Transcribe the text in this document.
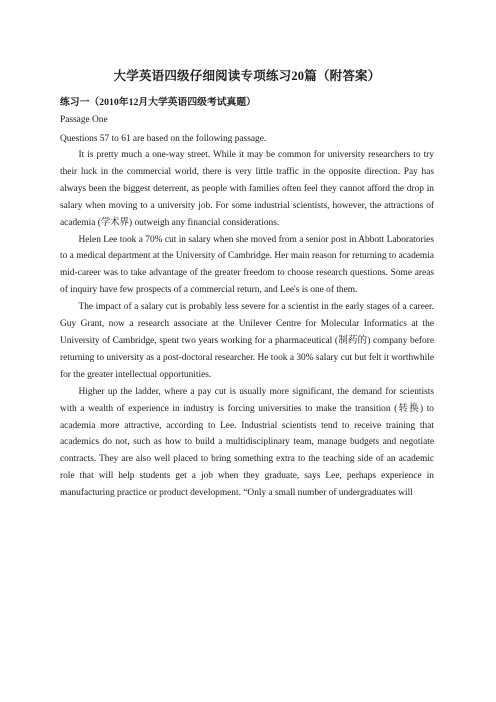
大学英语四级仔细阅读专项练习20篇（附答案）
练习一（2010年12月大学英语四级考试真题）
Passage One
Questions 57 to 61 are based on the following passage.

It is pretty much a one-way street. While it may be common for university researchers to try their luck in the commercial world, there is very little traffic in the opposite direction. Pay has always been the biggest deterrent, as people with families often feel they cannot afford the drop in salary when moving to a university job. For some industrial scientists, however, the attractions of academia (学术界) outweigh any financial considerations.

Helen Lee took a 70% cut in salary when she moved from a senior post in Abbott Laboratories to a medical department at the University of Cambridge. Her main reason for returning to academia mid-career was to take advantage of the greater freedom to choose research questions. Some areas of inquiry have few prospects of a commercial return, and Lee's is one of them.

The impact of a salary cut is probably less severe for a scientist in the early stages of a career. Guy Grant, now a research associate at the Unilever Centre for Molecular Informatics at the University of Cambridge, spent two years working for a pharmaceutical (制药的) company before returning to university as a post-doctoral researcher. He took a 30% salary cut but felt it worthwhile for the greater intellectual opportunities.

Higher up the ladder, where a pay cut is usually more significant, the demand for scientists with a wealth of experience in industry is forcing universities to make the transition (转换) to academia more attractive, according to Lee. Industrial scientists tend to receive training that academics do not, such as how to build a multidisciplinary team, manage budgets and negotiate contracts. They are also well placed to bring something extra to the teaching side of an academic role that will help students get a job when they graduate, says Lee, perhaps experience in manufacturing practice or product development. “Only a small number of undergraduates will
